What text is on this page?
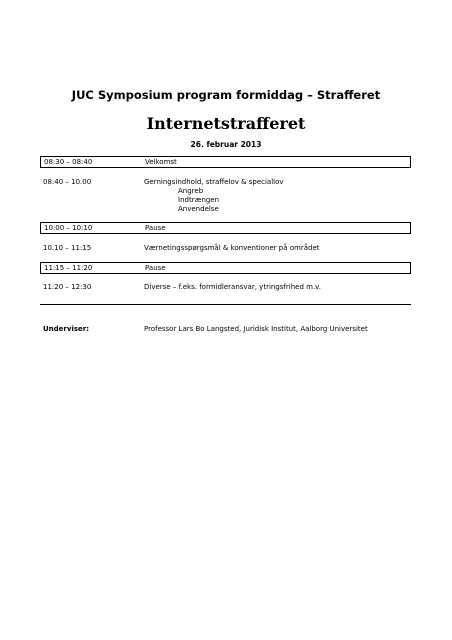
JUC Symposium program formiddag – Strafferet
Internetstrafferet
26. februar 2013
08:30 – 08:40	Velkomst
08:40 – 10.00	Gerningsindhold, straffelov & speciallov
Angreb
Indtrængen
Anvendelse
10:00 – 10:10	Pause
10.10 – 11:15	Værnetingsspørgsmål & konventioner på området
11:15 – 11:20	Pause
11:20 – 12:30	Diverse – f.eks. formidleransvar, ytringsfrihed m.v.
Underviser:	Professor Lars Bo Langsted, Juridisk Institut, Aalborg Universitet
